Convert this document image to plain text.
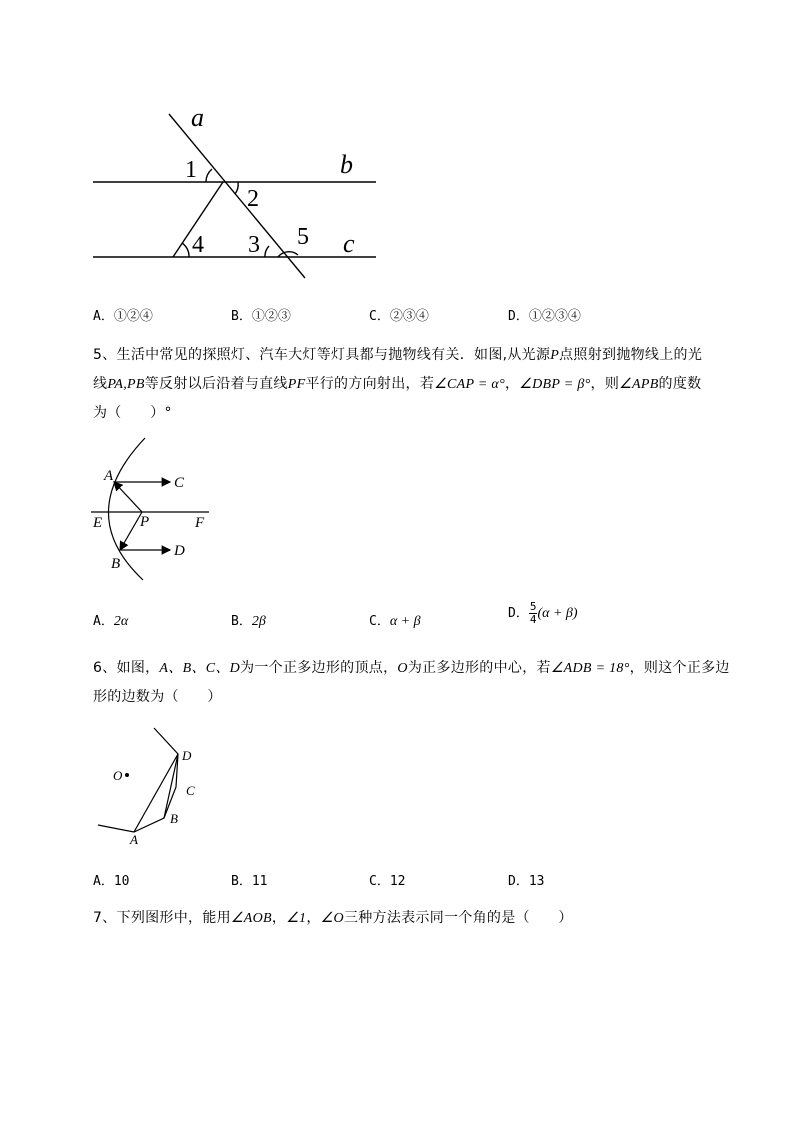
a
b
c
1
2
4 3 5
A．①②④	B．①②③	C．②③④	D．①②③④
5、生活中常见的探照灯、汽车大灯等灯具都与抛物线有关．如图,从光源P点照射到抛物线上的光
线PA,PB等反射以后沿着与直线PF平行的方向射出，若∠CAP = α°，∠DBP = β°，则∠APB的度数
为（　　）°
A	C
E	P	F
D
B
A．2α	B．2β	C．α + β
D． $\frac{5}{4} (\alpha + \beta)$
6、如图，A、B、C、D为一个正多边形的顶点，O为正多边形的中心，若∠ADB = 18°，则这个正多边
形的边数为（　　）
O
D
C
B
A
A．10	B．11	C．12	D．13
7、下列图形中，能用∠AOB，∠1，∠O三种方法表示同一个角的是（　　）
